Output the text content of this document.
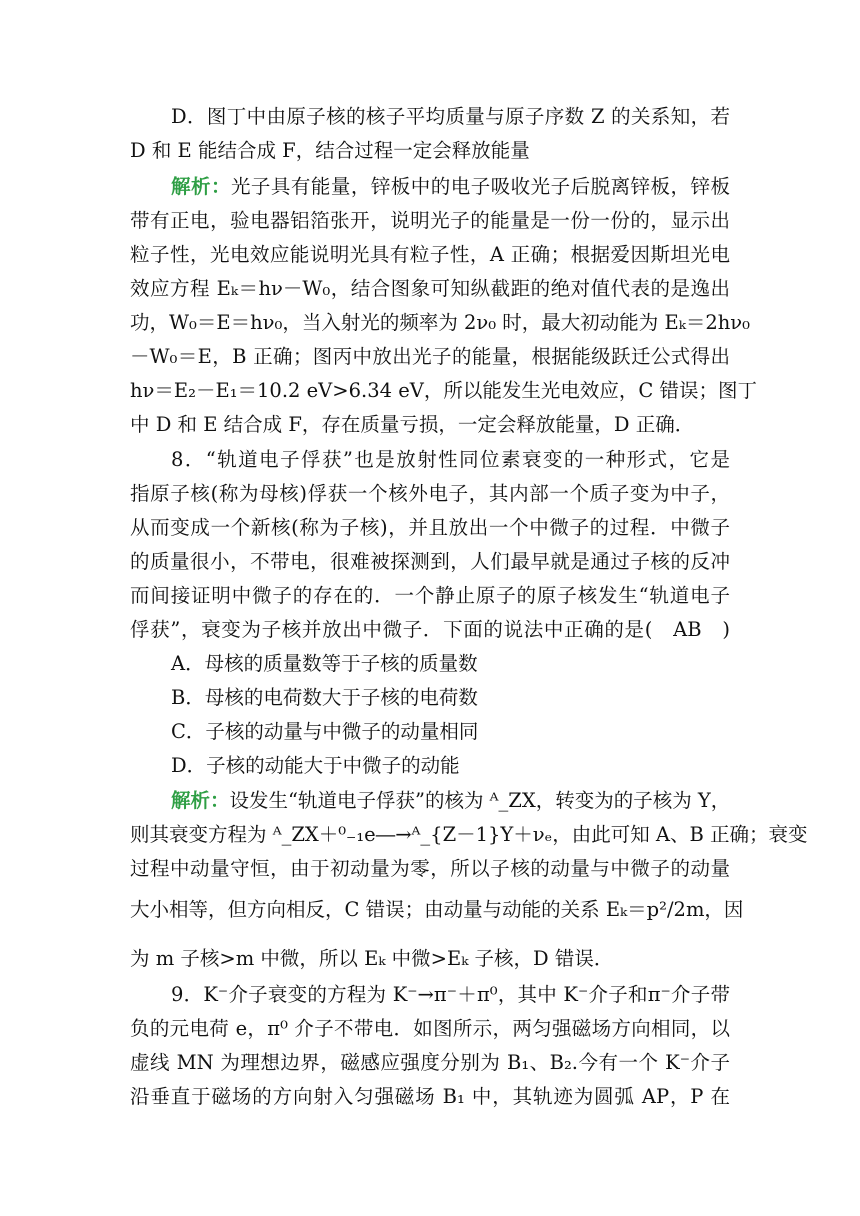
D．图丁中由原子核的核子平均质量与原子序数 Z 的关系知，若
D 和 E 能结合成 F，结合过程一定会释放能量
解析：光子具有能量，锌板中的电子吸收光子后脱离锌板，锌板
带有正电，验电器铝箔张开，说明光子的能量是一份一份的，显示出
粒子性，光电效应能说明光具有粒子性，A 正确；根据爱因斯坦光电
效应方程 Eₖ＝hν－W₀，结合图象可知纵截距的绝对值代表的是逸出
功，W₀＝E＝hν₀，当入射光的频率为 2ν₀ 时，最大初动能为 Eₖ＝2hν₀
－W₀＝E，B 正确；图丙中放出光子的能量，根据能级跃迁公式得出
hν＝E₂－E₁＝10.2 eV>6.34 eV，所以能发生光电效应，C 错误；图丁
中 D 和 E 结合成 F，存在质量亏损，一定会释放能量，D 正确．
8．“轨道电子俘获”也是放射性同位素衰变的一种形式，它是
指原子核(称为母核)俘获一个核外电子，其内部一个质子变为中子，
从而变成一个新核(称为子核)，并且放出一个中微子的过程．中微子
的质量很小，不带电，很难被探测到，人们最早就是通过子核的反冲
而间接证明中微子的存在的．一个静止原子的原子核发生“轨道电子
俘获”，衰变为子核并放出中微子．下面的说法中正确的是(　AB　)
A．母核的质量数等于子核的质量数
B．母核的电荷数大于子核的电荷数
C．子核的动量与中微子的动量相同
D．子核的动能大于中微子的动能
解析：设发生“轨道电子俘获”的核为 ᴬ_ZX，转变为的子核为 Y，
则其衰变方程为 ᴬ_ZX＋⁰₋₁e―→ᴬ_{Z－1}Y＋νₑ，由此可知 A、B 正确；衰变
过程中动量守恒，由于初动量为零，所以子核的动量与中微子的动量
大小相等，但方向相反，C 错误；由动量与动能的关系 Eₖ＝p²/2m，因
为 m 子核>m 中微，所以 Eₖ 中微>Eₖ 子核，D 错误．
9．K⁻介子衰变的方程为 K⁻→π⁻＋π⁰，其中 K⁻介子和π⁻介子带
负的元电荷 e，π⁰ 介子不带电．如图所示，两匀强磁场方向相同，以
虚线 MN 为理想边界，磁感应强度分别为 B₁、B₂.今有一个 K⁻介子
沿垂直于磁场的方向射入匀强磁场 B₁ 中，其轨迹为圆弧 AP，P 在
